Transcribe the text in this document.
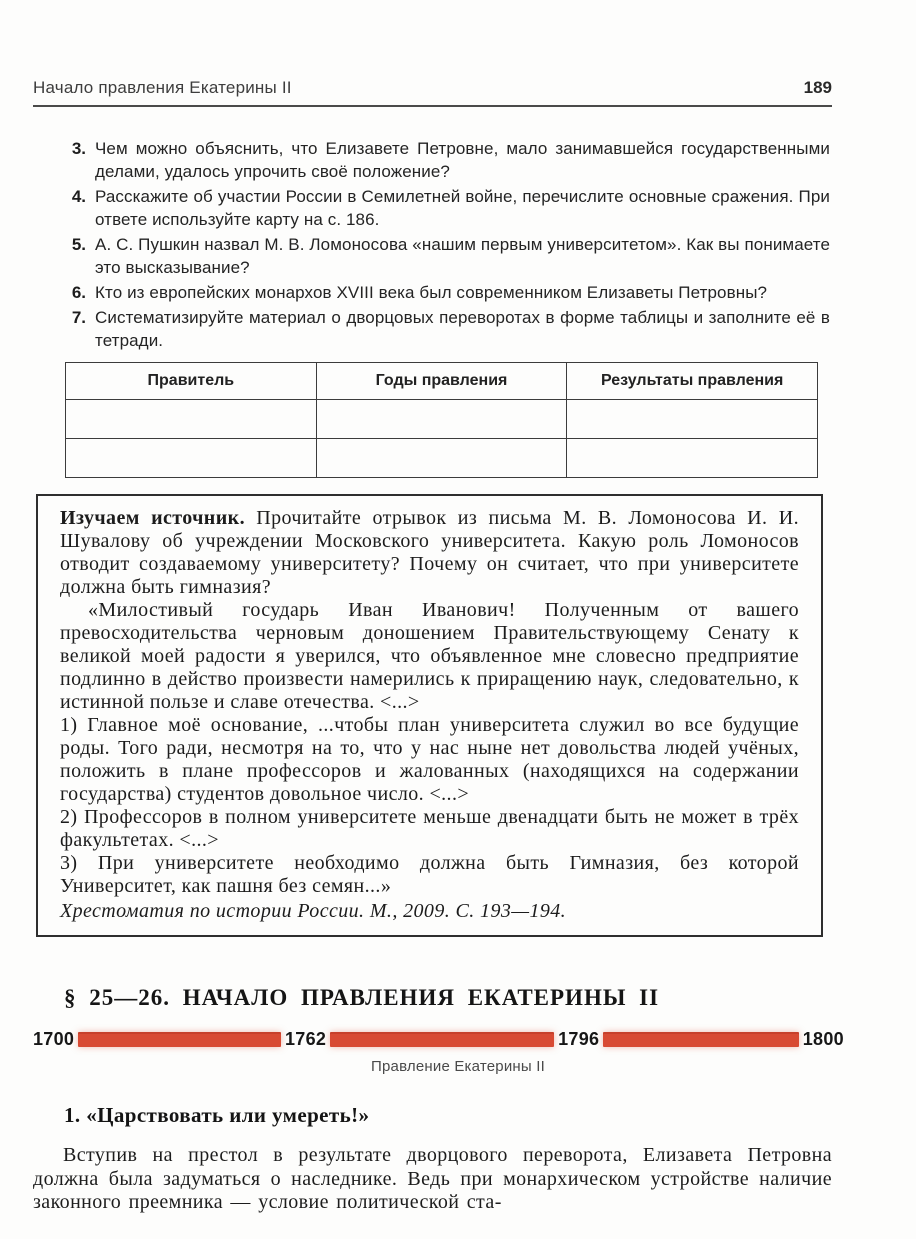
Начало правления Екатерины II	189
3. Чем можно объяснить, что Елизавете Петровне, мало занимавшейся государственными делами, удалось упрочить своё положение?
4. Расскажите об участии России в Семилетней войне, перечислите основные сражения. При ответе используйте карту на с. 186.
5. А. С. Пушкин назвал М. В. Ломоносова «нашим первым университетом». Как вы понимаете это высказывание?
6. Кто из европейских монархов XVIII века был современником Елизаветы Петровны?
7. Систематизируйте материал о дворцовых переворотах в форме таблицы и заполните её в тетради.
Правитель	Годы правления	Результаты правления

Изучаем источник. Прочитайте отрывок из письма М. В. Ломоносова И. И. Шувалову об учреждении Московского университета. Какую роль Ломоносов отводит создаваемому университету? Почему он считает, что при университете должна быть гимназия?

«Милостивый государь Иван Иванович! Полученным от вашего превосходительства черновым доношением Правительствующему Сенату к великой моей радости я уверился, что объявленное мне словесно предприятие подлинно в действо произвести намерились к приращению наук, следовательно, к истинной пользе и славе отечества. <...>

1) Главное моё основание, ...чтобы план университета служил во все будущие роды. Того ради, несмотря на то, что у нас ныне нет довольства людей учёных, положить в плане профессоров и жалованных (находящихся на содержании государства) студентов довольное число. <...>

2) Профессоров в полном университете меньше двенадцати быть не может в трёх факультетах. <...>

3) При университете необходимо должна быть Гимназия, без которой Университет, как пашня без семян...»

Хрестоматия по истории России. М., 2009. С. 193—194.

§ 25—26. НАЧАЛО ПРАВЛЕНИЯ ЕКАТЕРИНЫ II
1700	1762	1796	1800
Правление Екатерины II
1. «Царствовать или умереть!»

Вступив на престол в результате дворцового переворота, Елизавета Петровна должна была задуматься о наследнике. Ведь при монархическом устройстве наличие законного преемника — условие политической ста-
